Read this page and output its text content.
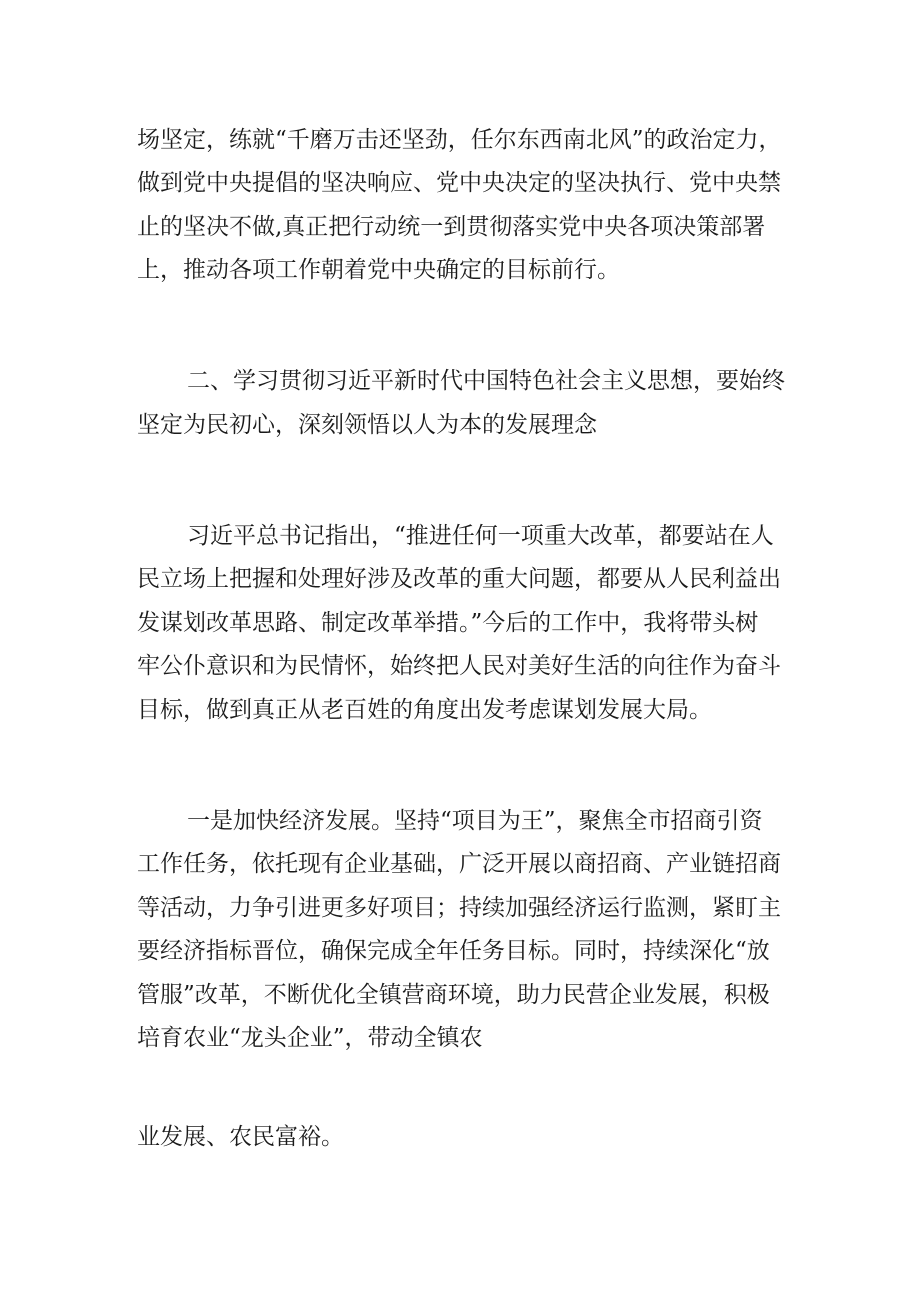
场坚定，练就“千磨万击还坚劲，任尔东西南北风”的政治定力，

做到党中央提倡的坚决响应、党中央决定的坚决执行、党中央禁

止的坚决不做,真正把行动统一到贯彻落实党中央各项决策部署

上，推动各项工作朝着党中央确定的目标前行。

二、学习贯彻习近平新时代中国特色社会主义思想，要始终

坚定为民初心，深刻领悟以人为本的发展理念

习近平总书记指出，“推进任何一项重大改革，都要站在人

民立场上把握和处理好涉及改革的重大问题，都要从人民利益出

发谋划改革思路、制定改革举措。”今后的工作中，我将带头树

牢公仆意识和为民情怀，始终把人民对美好生活的向往作为奋斗

目标，做到真正从老百姓的角度出发考虑谋划发展大局。

一是加快经济发展。坚持“项目为王”，聚焦全市招商引资

工作任务，依托现有企业基础，广泛开展以商招商、产业链招商

等活动，力争引进更多好项目；持续加强经济运行监测，紧盯主

要经济指标晋位，确保完成全年任务目标。同时，持续深化“放

管服”改革，不断优化全镇营商环境，助力民营企业发展，积极

培育农业“龙头企业”，带动全镇农

业发展、农民富裕。
